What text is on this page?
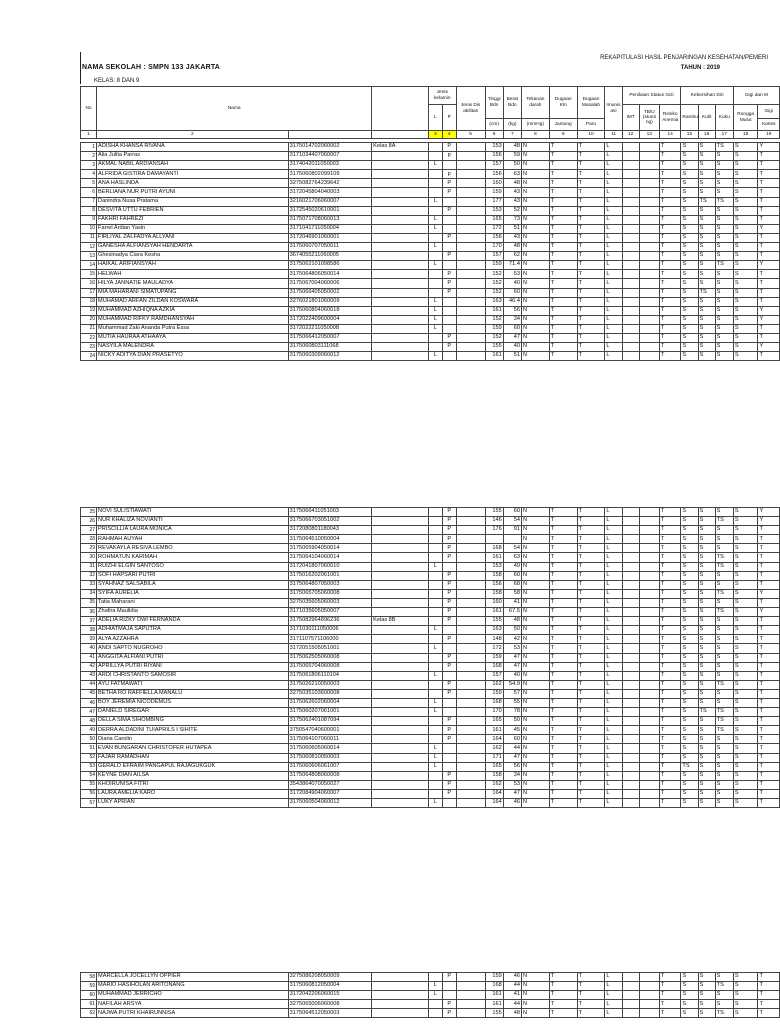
NAMA SEKOLAH : SMPN 133 JAKARTA
KELAS: 8 DAN 9
REKAPITULASI HASIL PENJARINGAN KESEHATAN/PEMERI
TAHUN : 2019
No	Nama			Jenis kelamin		Jenis Dis abilitas	Tinggi Bdn	Berat Bdn	Tekanan darah	Dugaan Kln	Dugaan Masalah	Imunis asi	Penilaian Status Gizi			Kebersihan Diri			Gigi dan M	
				L	P								IMT	TB/U (stunti ng)	Resiko Anemia	Rambut	Kulit	Kuku	Rongga Mulut	Gigi
							(cm)	(kg)	(mmHg)	Jantung	Paru									Karies
1	2			3	4	5	6	7	8	9	10	11	12	13	14	15	16	17	18	19
1	ADISHA KHANSA RIVANA	3175014702060002	Kelas 8A		P		153	48	N	T	T	L			T	S	S	TS	S	Y
2	Alia Julita Parras	3171034407060007			p		156	59	N	T	T	L			T	S	S	S	S	T
3	AKMAL NABIL ARDIANSAH	3174042011050003		L			157	50	N	T	T	L			T	S	S	S	S	T
4	ALFRIDA GISTIRA DAMAYANTI	3175060802099109			p		156	63	N	T	T	L			T	S	S	S	S	T
5	ANA HASLINDA	3275082764239642			P		160	48	N	T	T	L			T	S	S	S	S	T
6	BERLIANA NUR PUTRI AYUNI	3172045804040003			P		159	43	N	T	T	L			T	S	S	S	S	T
7	Danindra Nusa Pratama	3216021706060007		L			177	43	N	T	T	L			T	S	TS	TS	S	T
8	DESVITA UTTU FEBRIEN	3172545020610001			P		153	52	N	T	T	L			T	S	S	S	S	T
9	FAKHRI FAHREZI	3175071708060013		L			165	73	N	T	T	L			T	S	S	S	S	T
10	Farrel Ardian Yasin	3171041711050004		L			172	51	N	T	T	L			T	S	S	S	S	Y
11	FIRLIYAL ZALFADYA ALLYANI	3172046901060001			P		156	43	N	T	T	L			T	S	S	S	S	T
12	GANESHA ALFIANSYAH HENDARTA	3175060707050011		L			170	48	N	T	T	L			T	S	S	S	S	T
13	Ghesinadya Ciara Kesha	3674055211060005			P		157	62	N	T	T	L			T	S	S	S	S	T
14	HAIKAL ARIFIANSYAH	3175062101098586		L			159	71.4	N	T	T	L			T	S	S	TS	S	Y
15	HELWAH	3175064806050014			P		152	53	N	T	T	L			T	S	S	S	S	T
16	HILYA JANNATIE MAULADYA	3175067004060006			P		152	40	N	T	T	L			T	S	S	S	S	T
17	MIA MAHARANI SIMATUPANG	3175066405050002			P		152	60	N	T	T	L			T	S	TS	S	S	T
18	MUHAMAD ARFAN ZILDAN KOSWARA	3276021801060009		L			163	46.4	N	T	T	L			T	S	S	S	S	T
19	MUHAMMAD AZHIQNA AZKIA	3175060804060018		L			161	56	N	T	T	L			T	S	S	S	S	Y
20	MUHAMMAD RIFKY RAMDHANSYAH	3172022409600004		L			152	34	N	T	T	L			T	S	S	S	S	Y
21	Muhammad Zaki Ananda Putra Essa	3172022211050008		L			159	60	N	T	T	L			T	S	S	S	S	T
22	MUTIA HAURAA ATHAAYA	3175066412050007			P		152	47	N	T	T	L			T	S	S	S	S	T
23	NASYILA MALENDRA	3175060803111068			P		155	40	N	T	T	L			T	S	S	S	S	Y
24	NICKY ADITYA DIAN PRASETYO	3175060309060012		L			161	51	N	T	T	L			T	S	S	S	S	T
25	NOVI SULISTIAWATI	3175066411051003			P		155	60	N	T	T	L			T	S	S	S	S	Y
26	NUR KHALIZA NOVIANTI	3175066703051002			P		146	54	N	T	T	L			T	S	S	TS	S	Y
27	PRISCILLIA LAURA MONICA	3172080801180043			P		176	91	N	T	T	L			T	S	S	S	S	T
28	RAHMAH AUYAH	3175064510050004			P				N	T	T	L			T	S	S	S	S	T
29	REVAKAYLA RESIVA LEMBO	3175065904050014			P		168	54	N	T	T	L			T	S	S	S	S	T
30	ROHMATUN KARIMAH	3175064104060014			P		161	63	N	T	T	L			T	S	S	TS	S	T
31	RUIZHI ELGIN SANTOSO	3172041807060010		L			153	49	N	T	T	L			T	S	S	TS	S	T
32	SOFI HAPSARI PUTRI	3175016202061001			P		158	60	N	T	T	L			T	S	S	S	S	T
33	SYAHNAZ SALSABILA	3175064807050003			P		156	68	N	T	T	L			T	S	S	S	S	T
34	SYIFA AURELIA	3175065705060008			P		158	58	N	T	T	L			T	S	S	TS	S	Y
35	Tatia Maharani	3275035605060003			P		160	41	N	T	T	L			T	S	S	S	S	T
36	Zhafira Maulidia	3171035605050007			P		161	67.5	N	T	T	L			T	S	S	TS	S	Y
37	ADELIA RIZKY DWI FERNANDA	3175082964896236	Kelas 8B		P		155	48	N	T	T	L			T	S	S	S	S	T
38	ADHIATMAJA SAPUTRA	3171030111050006		L			163	50	N	T	T	L			T	S	S	S	S	T
39	ALYA AZZAHRA	3171107571106000			P		148	42	N	T	T	L			T	S	S	S	S	T
40	ANDI SAPTO NUGROHO	3172051505051001		L			172	53	N	T	T	L			T	S	S	S	S	T
41	ANGGITA ALFIANI PUTRI	3175062505060008			P		159	47	N	T	T	L			T	S	S	S	S	T
42	APRILLYA PUTRI RIYANI	3175065704060008			P		168	47	N	T	T	L			T	S	S	S	S	T
43	ARDI CHRISTANTO SAMOSIR	3175061806110104		L			157	40	N	T	T	L			T	S	S	S	S	T
44	AYU FATMAWATI	3175026210050003			P		162	54.9	N	T	T	L			T	S	S	TS	S	T
45	BETHA RO RAFFIELLA MANALU	3275035103600008			P		159	57	N	T	T	L			T	S	S	S	S	T
46	BOY JEREMIA NICODEMUS	3175062602060004		L			168	55	N	T	T	L			T	S	S	S	S	T
47	DANIELD SIREGAR	3175060207061001		L			170	78	N	T	T	L			T	S	TS	TS	S	T
48	DELLA SIMA SIHOMBING	3175062401087094			P		165	50	N	T	T	L			T	S	S	TS	S	T
49	DERRA ALDADINI TUIAPRILS I SIHITE	3750547040600001			P		161	45	N	T	T	L			T	S	S	TS	S	T
50	Diana Carolin	3175064107060011			P		164	60	N	T	T	L			T	S	S	S	S	T
51	EVAN BUNGARAN CHRISTOFER HUTAPEA	3175060605060014		L			162	44	N	T	T	L			T	S	S	S	S	T
52	FAJAR RAMADHAN	3175060810050003		L			171	47	N	T	T	L			T	S	S	S	S	T
53	GERALD EFRAIM PANGAPUL RAJAGUKGUK	3175060606061007		L			165	56	N	T	T	L			T	TS	S	S	S	T
54	KEYNE DIAN AILSA	3175064808060008			P		158	34	N	T	T	L			T	S	S	S	S	T
55	KHOIRUNISA FITRI	3543864070050027			P		162	53	N	T	T	L			T	S	S	S	S	T
56	LAURA AMELIA KARO	3172084904060007			P		164	47	N	T	T	L			T	S	S	S	S	T
57	LUKY APRIAN	3175060504060012		L			164	46	N	T	T	L			T	S	S	S	S	T
58	MARCELLA JOCELLYN OPPIER	3275086208050009			P		159	46	N	T	T	L			T	S	S	S	S	T
59	MARIO HASIHOLAN ARITONANG	3175060812050004		L			168	44	N	T	T	L			T	S	S	TS	S	T
60	MUHAMMAD JERRICHO	3172042206060015		L			161	41	N	T	T	L			T	S	S	S	S	T
61	NAFILAH ARSYA	3275065006060008			P		161	44	N	T	T	L			T	S	S	S	S	T
62	NAJWA PUTRI KHAIRUNNISA	3175064512050003			P		155	48	N	T	T	L			T	S	S	TS	S	T
